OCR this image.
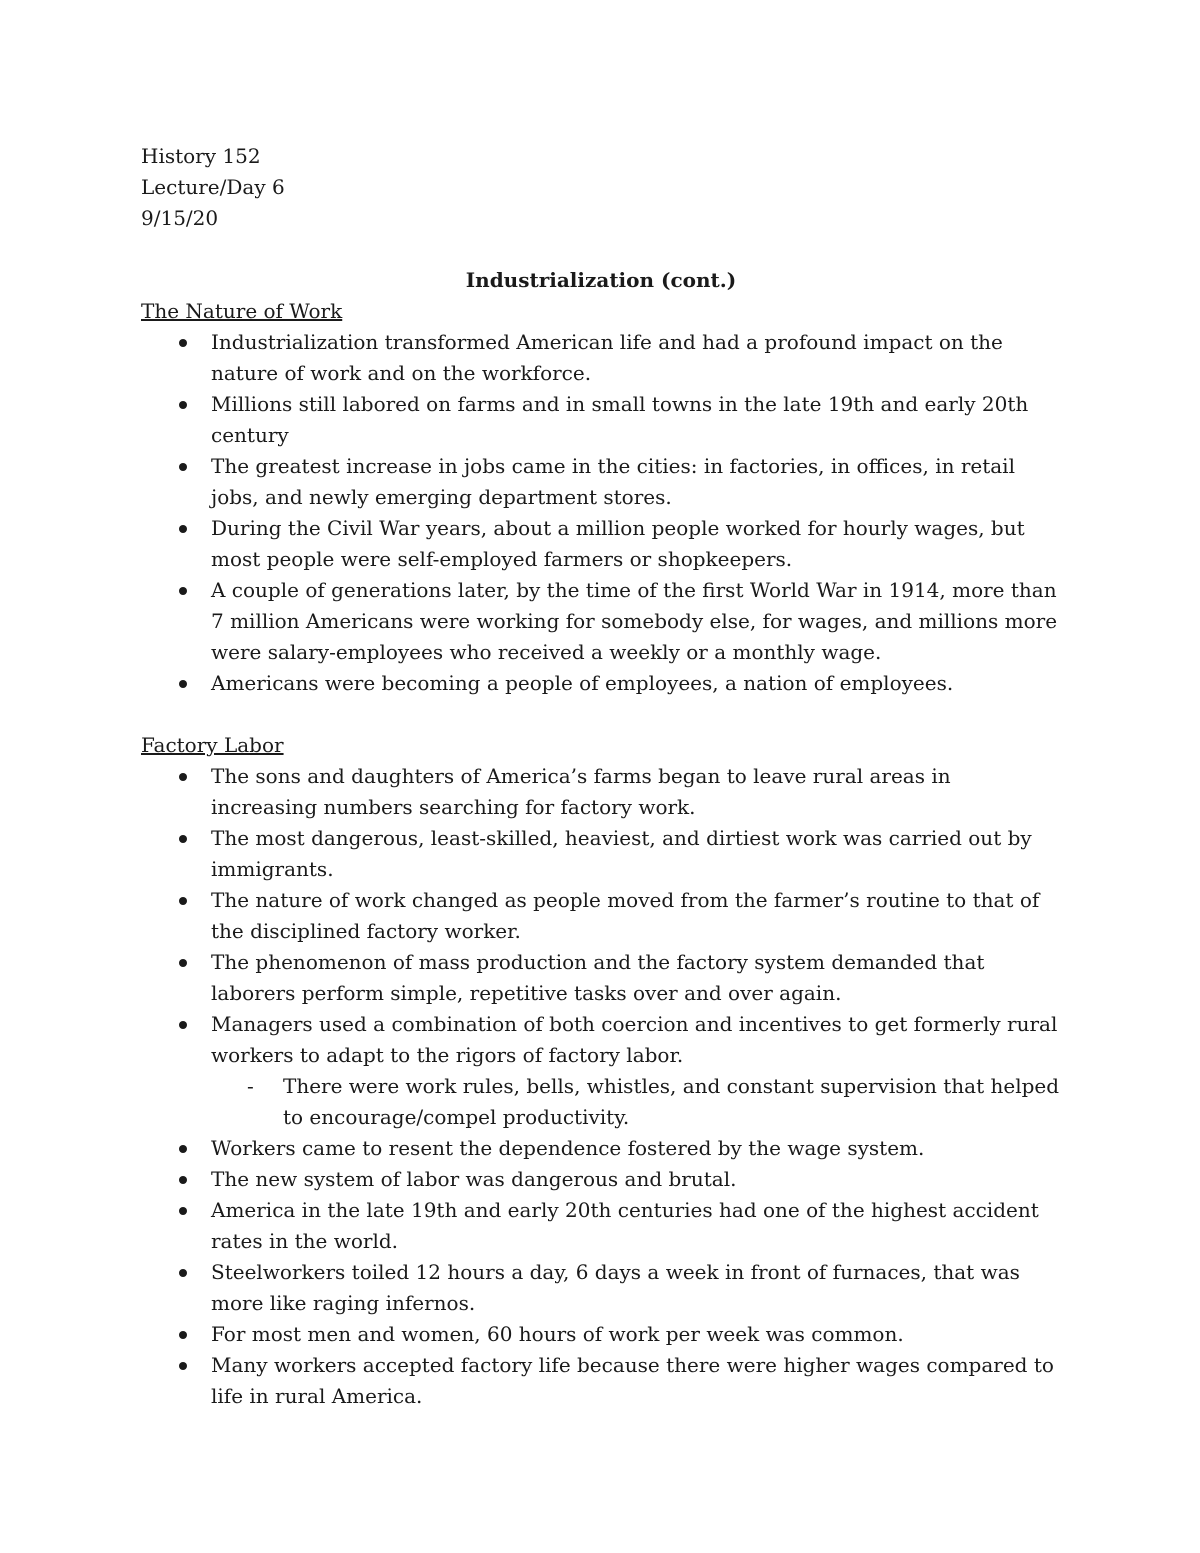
History 152
Lecture/Day 6
9/15/20
Industrialization (cont.)
The Nature of Work
Industrialization transformed American life and had a profound impact on the nature of work and on the workforce.
Millions still labored on farms and in small towns in the late 19th and early 20th century
The greatest increase in jobs came in the cities: in factories, in offices, in retail jobs, and newly emerging department stores.
During the Civil War years, about a million people worked for hourly wages, but most people were self-employed farmers or shopkeepers.
A couple of generations later, by the time of the first World War in 1914, more than 7 million Americans were working for somebody else, for wages, and millions more were salary-employees who received a weekly or a monthly wage.
Americans were becoming a people of employees, a nation of employees.
Factory Labor
The sons and daughters of America’s farms began to leave rural areas in increasing numbers searching for factory work.
The most dangerous, least-skilled, heaviest, and dirtiest work was carried out by immigrants.
The nature of work changed as people moved from the farmer’s routine to that of the disciplined factory worker.
The phenomenon of mass production and the factory system demanded that laborers perform simple, repetitive tasks over and over again.
Managers used a combination of both coercion and incentives to get formerly rural workers to adapt to the rigors of factory labor.
- There were work rules, bells, whistles, and constant supervision that helped to encourage/compel productivity.
Workers came to resent the dependence fostered by the wage system.
The new system of labor was dangerous and brutal.
America in the late 19th and early 20th centuries had one of the highest accident rates in the world.
Steelworkers toiled 12 hours a day, 6 days a week in front of furnaces, that was more like raging infernos.
For most men and women, 60 hours of work per week was common.
Many workers accepted factory life because there were higher wages compared to life in rural America.
